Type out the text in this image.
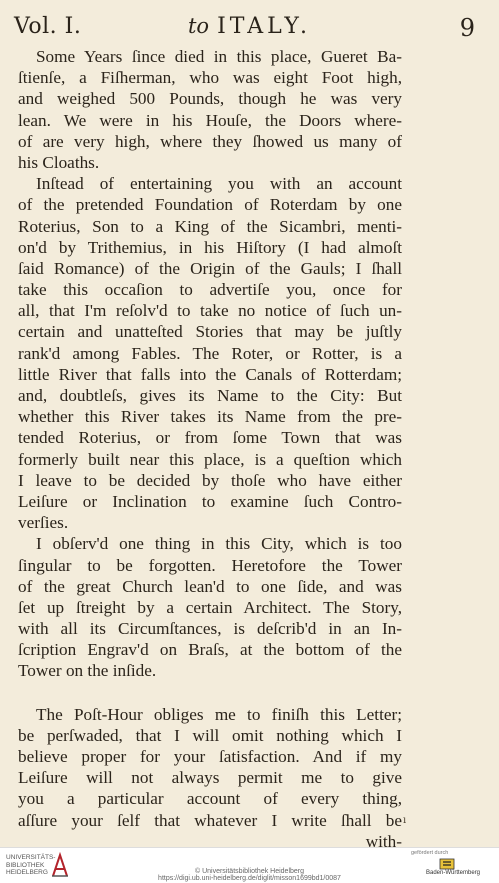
Vol. I.	to ITALY.	9
Some Years ſince died in this place, Gueret Ba-
ſtienſe, a Fiſherman, who was eight Foot high,
and weighed 500 Pounds, though he was very
lean. We were in his Houſe, the Doors where-
of are very high, where they ſhowed us many of
his Cloaths.
Inſtead of entertaining you with an account
of the pretended Foundation of Roterdam by one
Roterius, Son to a King of the Sicambri, menti-
on'd by Trithemius, in his Hiſtory (I had almoſt
ſaid Romance) of the Origin of the Gauls; I ſhall
take this occaſion to advertiſe you, once for
all, that I'm reſolv'd to take no notice of ſuch un-
certain and unatteſted Stories that may be juſtly
rank'd among Fables. The Roter, or Rotter, is a
little River that falls into the Canals of Rotterdam;
and, doubtleſs, gives its Name to the City: But
whether this River takes its Name from the pre-
tended Roterius, or from ſome Town that was
formerly built near this place, is a queſtion which
I leave to be decided by thoſe who have either
Leiſure or Inclination to examine ſuch Contro-
verſies.
I obſerv'd one thing in this City, which is too
ſingular to be forgotten. Heretofore the Tower
of the great Church lean'd to one ſide, and was
ſet up ſtreight by a certain Architect. The Story,
with all its Circumſtances, is deſcrib'd in an In-
ſcription Engrav'd on Braſs, at the bottom of the
Tower on the inſide.
The Poſt-Hour obliges me to finiſh this Letter;
be perſwaded, that I will omit nothing which I
believe proper for your ſatisfaction. And if my
Leiſure will not always permit me to give
you a particular account of every thing,
aſſure your ſelf that whatever I write ſhall be
with-
ı
UNIVERSITÄTS-
BIBLIOTHEK
HEIDELBERG	© Universitätsbibliothek Heidelberg
https://digi.ub.uni-heidelberg.de/diglit/misson1699bd1/0087
gefördert durch
Baden-Württemberg
